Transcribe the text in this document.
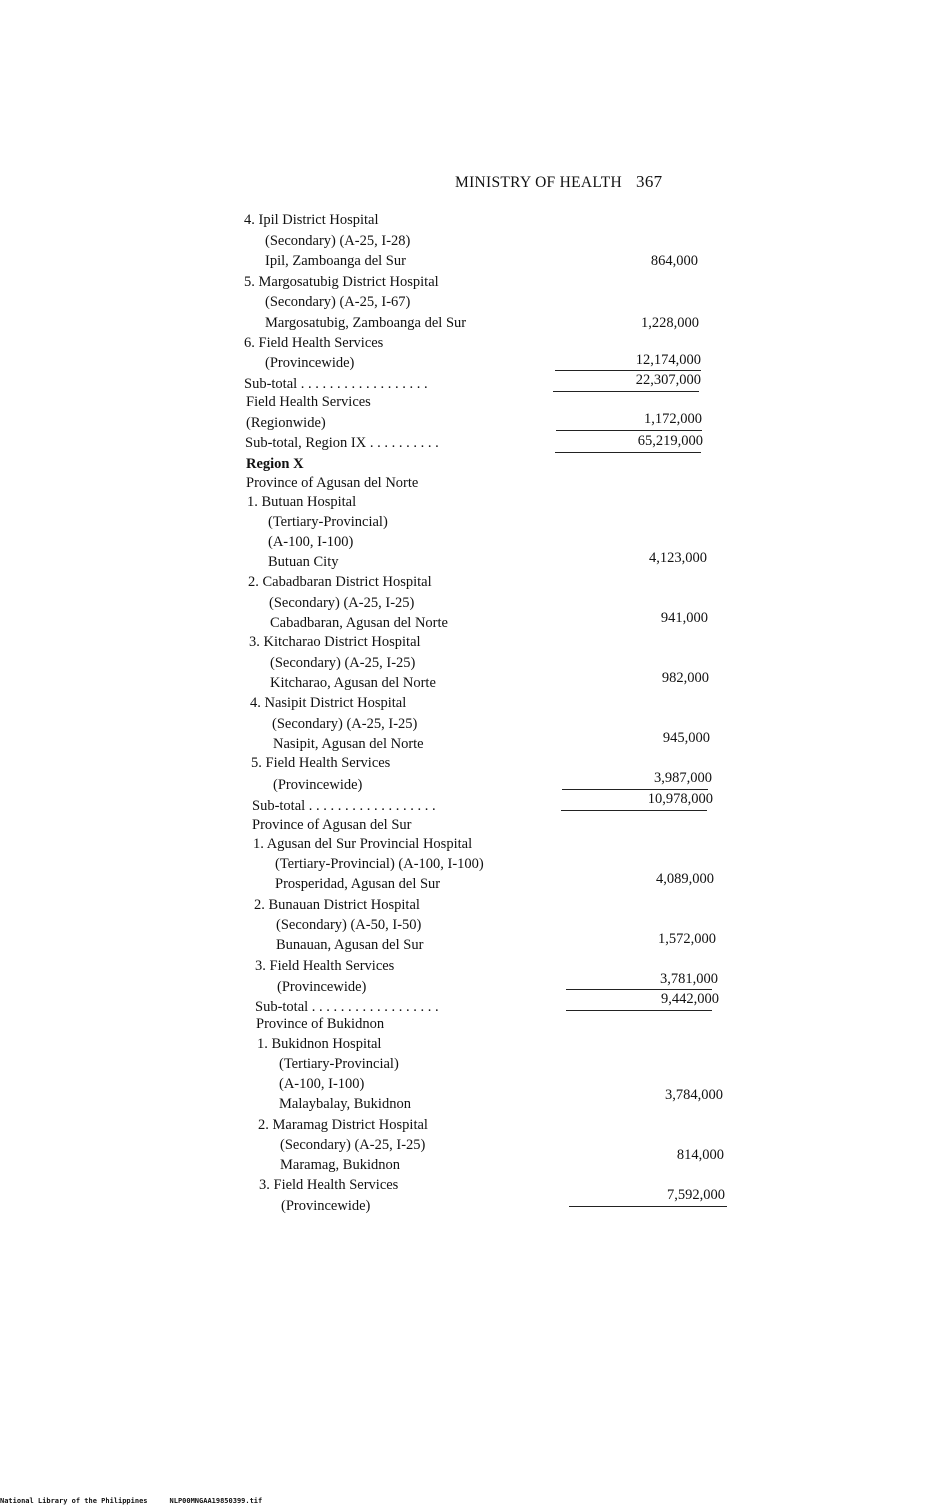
MINISTRY OF HEALTH 367
4. Ipil District Hospital
(Secondary) (A-25, I-28)
Ipil, Zamboanga del Sur
5. Margosatubig District Hospital
(Secondary) (A-25, I-67)
Margosatubig, Zamboanga del Sur
6. Field Health Services
(Provincewide)
Sub-total . . . . . . . . . . . . . . . . . .
Field Health Services
(Regionwide)
Sub-total, Region IX . . . . . . . . . .
Region X
Province of Agusan del Norte
1. Butuan Hospital
(Tertiary-Provincial)
(A-100, I-100)
Butuan City
2. Cabadbaran District Hospital
(Secondary) (A-25, I-25)
Cabadbaran, Agusan del Norte
3. Kitcharao District Hospital
(Secondary) (A-25, I-25)
Kitcharao, Agusan del Norte
4. Nasipit District Hospital
(Secondary) (A-25, I-25)
Nasipit, Agusan del Norte
5. Field Health Services
(Provincewide)
Sub-total . . . . . . . . . . . . . . . . . .
Province of Agusan del Sur
1. Agusan del Sur Provincial Hospital
(Tertiary-Provincial) (A-100, I-100)
Prosperidad, Agusan del Sur
2. Bunauan District Hospital
(Secondary) (A-50, I-50)
Bunauan, Agusan del Sur
3. Field Health Services
(Provincewide)
Sub-total . . . . . . . . . . . . . . . . . .
Province of Bukidnon
1. Bukidnon Hospital
(Tertiary-Provincial)
(A-100, I-100)
Malaybalay, Bukidnon
2. Maramag District Hospital
(Secondary) (A-25, I-25)
Maramag, Bukidnon
3. Field Health Services
(Provincewide)
864,000
1,228,000
12,174,000
22,307,000
1,172,000
65,219,000
4,123,000
941,000
982,000
945,000
3,987,000
10,978,000
4,089,000
1,572,000
3,781,000
9,442,000
3,784,000
814,000
7,592,000
National Library of the Philippines	NLP00MNGAA19850399.tif
